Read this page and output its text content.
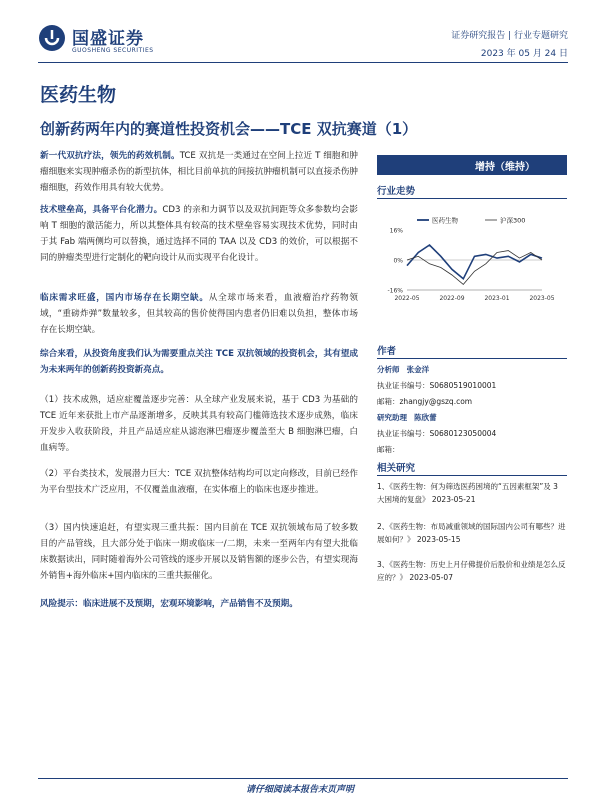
国盛证券
GUOSHENG SECURITIES
证券研究报告 | 行业专题研究
2023 年 05 月 24 日
医药生物
创新药两年内的赛道性投资机会——TCE 双抗赛道（1）
新一代双抗疗法，领先的药效机制。TCE 双抗是一类通过在空间上拉近 T 细胞和肿瘤细胞来实现肿瘤杀伤的新型抗体，相比目前单抗的间接抗肿瘤机制可以直接杀伤肿瘤细胞，药效作用具有较大优势。
技术壁垒高，具备平台化潜力。CD3 的亲和力调节以及双抗间距等众多参数均会影响 T 细胞的激活能力，所以其整体具有较高的技术壁垒容易实现技术优势，同时由于其 Fab 端两侧均可以替换，通过选择不同的 TAA 以及 CD3 的效价，可以根据不同的肿瘤类型进行定制化的靶向设计从而实现平台化设计。
临床需求旺盛，国内市场存在长期空缺。从全球市场来看，血液瘤治疗药物领域，“重磅炸弹”数量较多，但其较高的售价使得国内患者仍旧难以负担，整体市场存在长期空缺。
综合来看，从投资角度我们认为需要重点关注 TCE 双抗领域的投资机会，其有望成为未来两年的创新药投资新亮点。
（1）技术成熟，适应症覆盖逐步完善：从全球产业发展来说，基于 CD3 为基础的 TCE 近年来获批上市产品逐渐增多，反映其具有较高门槛筛选技术逐步成熟，临床开发步入收获阶段，并且产品适应症从滤泡淋巴瘤逐步覆盖至大 B 细胞淋巴瘤，白血病等。
（2）平台类技术，发展潜力巨大：TCE 双抗整体结构均可以定向修改，目前已经作为平台型技术广泛应用，不仅覆盖血液瘤，在实体瘤上的临床也逐步推进。
（3）国内快速追赶，有望实现三重共振：国内目前在 TCE 双抗领域布局了较多数目的产品管线，且大部分处于临床一期或临床一/二期，未来一至两年内有望大批临床数据读出，同时随着海外公司管线的逐步开展以及销售额的逐步公告，有望实现海外销售+海外临床+国内临床的三重共振催化。
风险提示：临床进展不及预期，宏观环境影响，产品销售不及预期。
增持（维持）
行业走势
16%
0%
-16%
2022-05	2022-09	2023-01	2023-05
医药生物	沪深300
作者
分析师 张金洋
执业证书编号：S0680519010001
邮箱：zhangjy@gszq.com
研究助理 陈欣蕾
执业证书编号：S0680123050004
邮箱：
相关研究
1、《医药生物：何为筛选医药困境的“五因素框架”及 3 大困境的复盘》 2023-05-21
2、《医药生物：布局减重领域的国际国内公司有哪些？进展如何？》 2023-05-15
3、《医药生物：历史上月仔佛提价后股价和业绩是怎么反应的？》 2023-05-07
请仔细阅读本报告末页声明
